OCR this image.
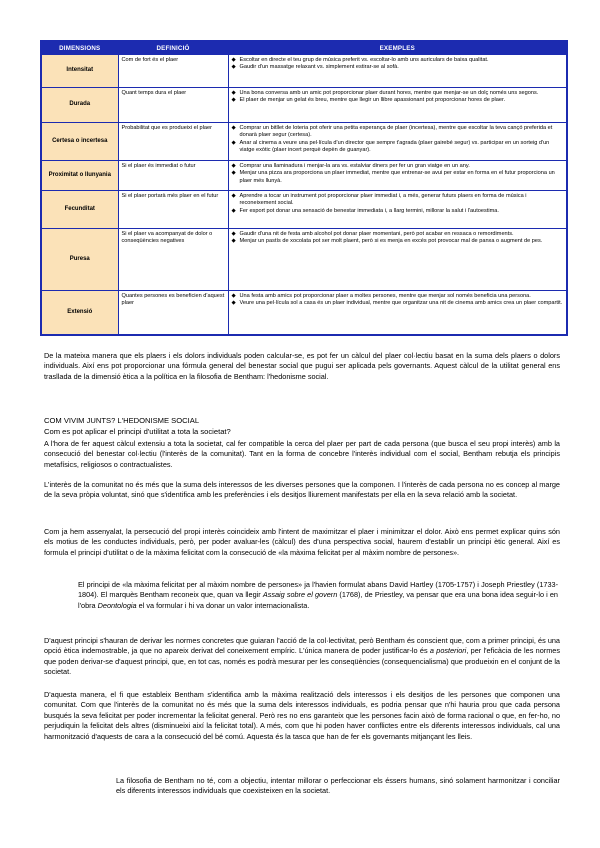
DIMENSIONS	DEFINICIÓ	EXEMPLES
Intensitat	Com de fort és el plaer	◆ Escoltar en directe el teu grup de música preferit vs. escoltar-lo amb uns auriculars de baixa qualitat.
◆ Gaudir d'un massatge relaxant vs. simplement estirar-se al sofà.

Durada	Quant temps dura el plaer	◆ Una bona conversa amb un amic pot proporcionar plaer durant hores, mentre que menjar-se un dolç només uns segons.
◆ El plaer de menjar un gelat és breu, mentre que llegir un llibre apassionant pot proporcionar hores de plaer.

Certesa o incertesa	Probabilitat que es produeixi el plaer	◆ Comprar un bitllet de loteria pot oferir una petita esperança de plaer (incertesa), mentre que escoltar la teva cançó preferida et donarà plaer segur (certesa).
◆ Anar al cinema a veure una pel·lícula d'un director que sempre t'agrada (plaer gairebé segur) vs. participar en un sorteig d'un viatge exòtic (plaer incert perquè depèn de guanyar).

Proximitat o llunyania	Si el plaer és immediat o futur	◆ Comprar una llaminadura i menjar-la ara vs. estalviar diners per fer un gran viatge en un any.
◆ Menjar una pizza ara proporciona un plaer immediat, mentre que entrenar-se avui per estar en forma en el futur proporciona un plaer més llunyà.

Fecunditat	Si el plaer portarà més plaer en el futur	◆ Aprendre a tocar un instrument pot proporcionar plaer immediat i, a més, generar futurs plaers en forma de música i reconeixement social.
◆ Fer esport pot donar una sensació de benestar immediata i, a llarg termini, millorar la salut i l'autoestima.

Puresa	Si el plaer va acompanyat de dolor o conseqüències negatives	◆ Gaudir d'una nit de festa amb alcohol pot donar plaer momentani, però pot acabar en ressaca o remordiments.
◆ Menjar un pastís de xocolata pot ser molt plaent, però si es menja en excés pot provocar mal de panxa o augment de pes.

Extensió	Quantes persones es beneficien d'aquest plaer	◆ Una festa amb amics pot proporcionar plaer a moltes persones, mentre que menjar sol només beneficia una persona.
◆ Veure una pel·lícula sol a casa és un plaer individual, mentre que organitzar una nit de cinema amb amics crea un plaer compartit.

De la mateixa manera que els plaers i els dolors individuals poden calcular-se, es pot fer un càlcul del plaer col·lectiu basat en la suma dels plaers o dolors individuals. Així ens pot proporcionar una fórmula general del benestar social que pugui ser aplicada pels governants. Aquest càlcul de la utilitat general ens trasllada de la dimensió ètica a la política en la filosofia de Bentham: l'hedonisme social.

COM VIVIM JUNTS? L'HEDONISME SOCIAL
Com es pot aplicar el principi d'utilitat a tota la societat?

A l'hora de fer aquest càlcul extensiu a tota la societat, cal fer compatible la cerca del plaer per part de cada persona (que busca el seu propi interès) amb la consecució del benestar col·lectiu (l'interès de la comunitat). Tant en la forma de concebre l'interès individual com el social, Bentham rebutja els principis metafísics, religiosos o contractualistes.

L'interès de la comunitat no és més que la suma dels interessos de les diverses persones que la componen. I l'interès de cada persona no es concep al marge de la seva pròpia voluntat, sinó que s'identifica amb les preferències i els desitjos lliurement manifestats per ella en la seva relació amb la societat.

Com ja hem assenyalat, la persecució del propi interès coincideix amb l'intent de maximitzar el plaer i minimitzar el dolor. Això ens permet explicar quins són els motius de les conductes individuals, però, per poder avaluar-les (càlcul) des d'una perspectiva social, haurem d'establir un principi ètic general. Així es formula el principi d'utilitat o de la màxima felicitat com la consecució de «la màxima felicitat per al màxim nombre de persones».

El principi de «la màxima felicitat per al màxim nombre de persones» ja l'havien formulat abans David Hartley (1705-1757) i Joseph Priestley (1733-1804). El marquès Bentham reconeix que, quan va llegir Assaig sobre el govern (1768), de Priestley, va pensar que era una bona idea seguir-lo i en l'obra Deontologia el va formular i hi va donar un valor internacionalista.

D'aquest principi s'hauran de derivar les normes concretes que guiaran l'acció de la col·lectivitat, però Bentham és conscient que, com a primer principi, és una opció ètica indemostrable, ja que no apareix derivat del coneixement empíric. L'única manera de poder justificar-lo és a posteriori, per l'eficàcia de les normes que poden derivar-se d'aquest principi, que, en tot cas, només es podrà mesurar per les conseqüències (consequencialisma) que produeixin en el conjunt de la societat.

D'aquesta manera, el fi que estableix Bentham s'identifica amb la màxima realització dels interessos i els desitjos de les persones que componen una comunitat. Com que l'interès de la comunitat no és més que la suma dels interessos individuals, es podria pensar que n'hi hauria prou que cada persona busqués la seva felicitat per poder incrementar la felicitat general. Però res no ens garanteix que les persones facin això de forma racional o que, en fer-ho, no perjudiquin la felicitat dels altres (disminueixi així la felicitat total). A més, com que hi poden haver conflictes entre els diferents interessos individuals, cal una harmonització d'aquests de cara a la consecució del bé comú. Aquesta és la tasca que han de fer els governants mitjançant les lleis.

La filosofia de Bentham no té, com a objectiu, intentar millorar o perfeccionar els éssers humans, sinó solament harmonitzar i conciliar els diferents interessos individuals que coexisteixen en la societat.
